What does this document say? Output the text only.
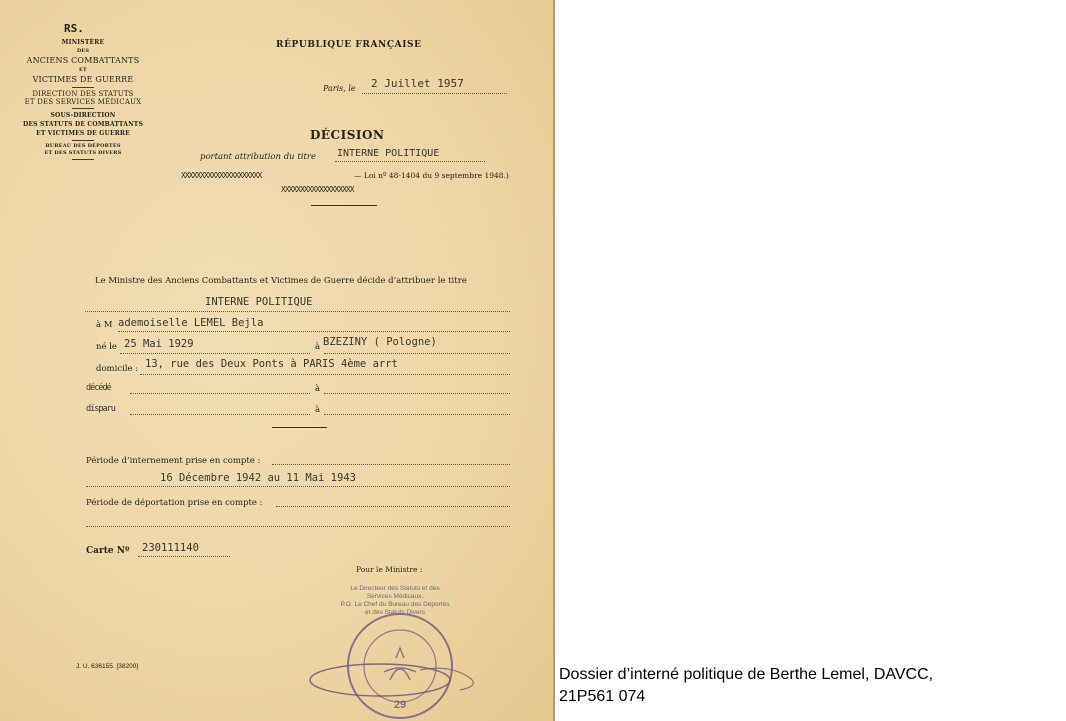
RS.
MINISTÈRE
DES
ANCIENS COMBATTANTS
ET
VICTIMES DE GUERRE
DIRECTION DES STATUTS
ET DES SERVICES MÉDICAUX
SOUS-DIRECTION
DES STATUTS DE COMBATTANTS
ET VICTIMES DE GUERRE
BUREAU DES DÉPORTÉS
ET DES STATUTS DIVERS
RÉPUBLIQUE FRANÇAISE
Paris, le 2 Juillet 1957
DÉCISION
portant attribution du titre INTERNE POLITIQUE
XXXXXXXXXXXXXXXXXXXXX	— Loi nº 48-1404 du 9 septembre 1948.)
XXXXXXXXXXXXXXXXXXX
Le Ministre des Anciens Combattants et Victimes de Guerre décide d’attribuer le titre
INTERNE POLITIQUE
à M ademoiselle LEMEL Bejla
né le 25 Mai 1929	à BZEZINY ( Pologne)
domicile : 13, rue des Deux Ponts à PARIS 4ème arrt
décédé	à
disparu	à
Période d’internement prise en compte :
16 Décembre 1942 au 11 Mai 1943
Période de déportation prise en compte :
Carte Nº 230111140
Pour le Ministre :
Le Directeur des Statuts et des
Services Médicaux,
P.O. Le Chef du Bureau des Déportés
et des Statuts Divers
29
J. U. 636155. [38200]	Dossier d’interné politique de Berthe Lemel, DAVCC,
21P561 074
